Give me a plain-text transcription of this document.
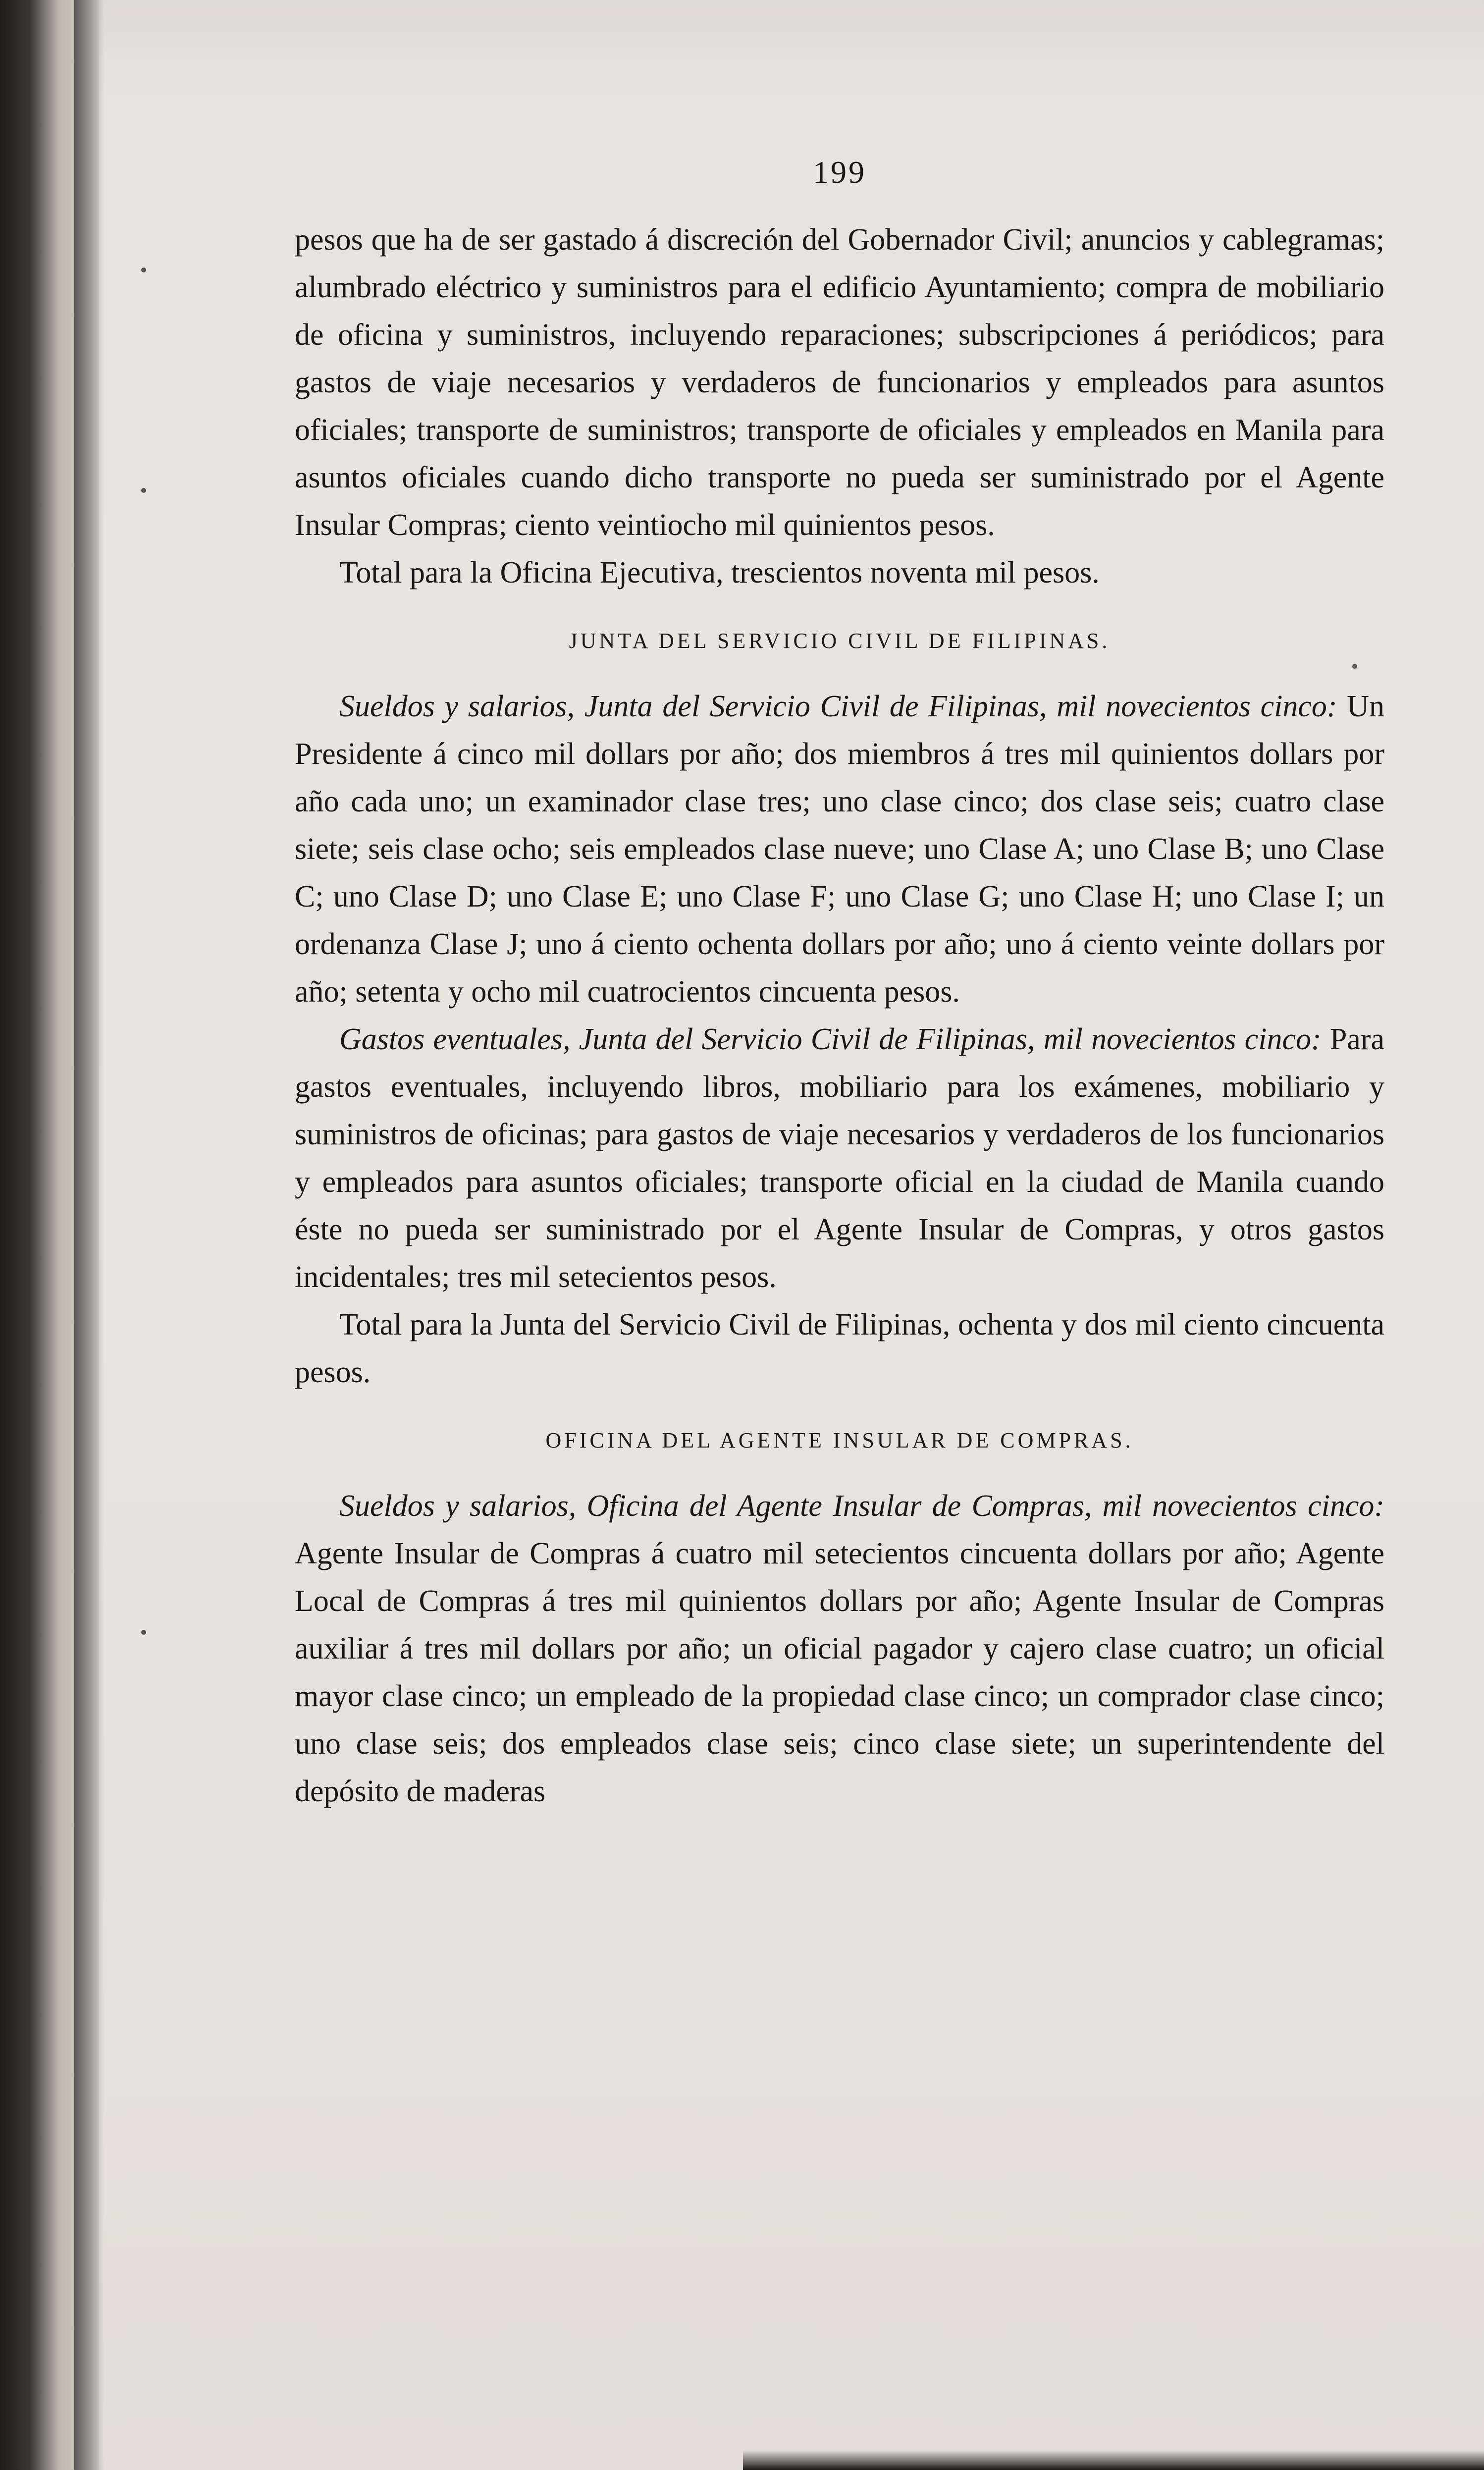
199

pesos que ha de ser gastado á discreción del Gobernador Civil; anuncios y cablegramas; alumbrado eléctrico y suministros para el edificio Ayuntamiento; compra de mobiliario de oficina y suministros, incluyendo reparaciones; subscripciones á periódicos; para gastos de viaje necesarios y verdaderos de funcionarios y empleados para asuntos oficiales; transporte de suministros; transporte de oficiales y empleados en Manila para asuntos oficiales cuando dicho transporte no pueda ser suministrado por el Agente Insular Compras; ciento veintiocho mil quinientos pesos.

Total para la Oficina Ejecutiva, trescientos noventa mil pesos.

JUNTA DEL SERVICIO CIVIL DE FILIPINAS.

Sueldos y salarios, Junta del Servicio Civil de Filipinas, mil novecientos cinco: Un Presidente á cinco mil dollars por año; dos miembros á tres mil quinientos dollars por año cada uno; un examinador clase tres; uno clase cinco; dos clase seis; cuatro clase siete; seis clase ocho; seis empleados clase nueve; uno Clase A; uno Clase B; uno Clase C; uno Clase D; uno Clase E; uno Clase F; uno Clase G; uno Clase H; uno Clase I; un ordenanza Clase J; uno á ciento ochenta dollars por año; uno á ciento veinte dollars por año; setenta y ocho mil cuatrocientos cincuenta pesos.

Gastos eventuales, Junta del Servicio Civil de Filipinas, mil novecientos cinco: Para gastos eventuales, incluyendo libros, mobiliario para los exámenes, mobiliario y suministros de oficinas; para gastos de viaje necesarios y verdaderos de los funcionarios y empleados para asuntos oficiales; transporte oficial en la ciudad de Manila cuando éste no pueda ser suministrado por el Agente Insular de Compras, y otros gastos incidentales; tres mil setecientos pesos.

Total para la Junta del Servicio Civil de Filipinas, ochenta y dos mil ciento cincuenta pesos.

OFICINA DEL AGENTE INSULAR DE COMPRAS.

Sueldos y salarios, Oficina del Agente Insular de Compras, mil novecientos cinco: Agente Insular de Compras á cuatro mil setecientos cincuenta dollars por año; Agente Local de Compras á tres mil quinientos dollars por año; Agente Insular de Compras auxiliar á tres mil dollars por año; un oficial pagador y cajero clase cuatro; un oficial mayor clase cinco; un empleado de la propiedad clase cinco; un comprador clase cinco; uno clase seis; dos empleados clase seis; cinco clase siete; un superintendente del depósito de maderas
